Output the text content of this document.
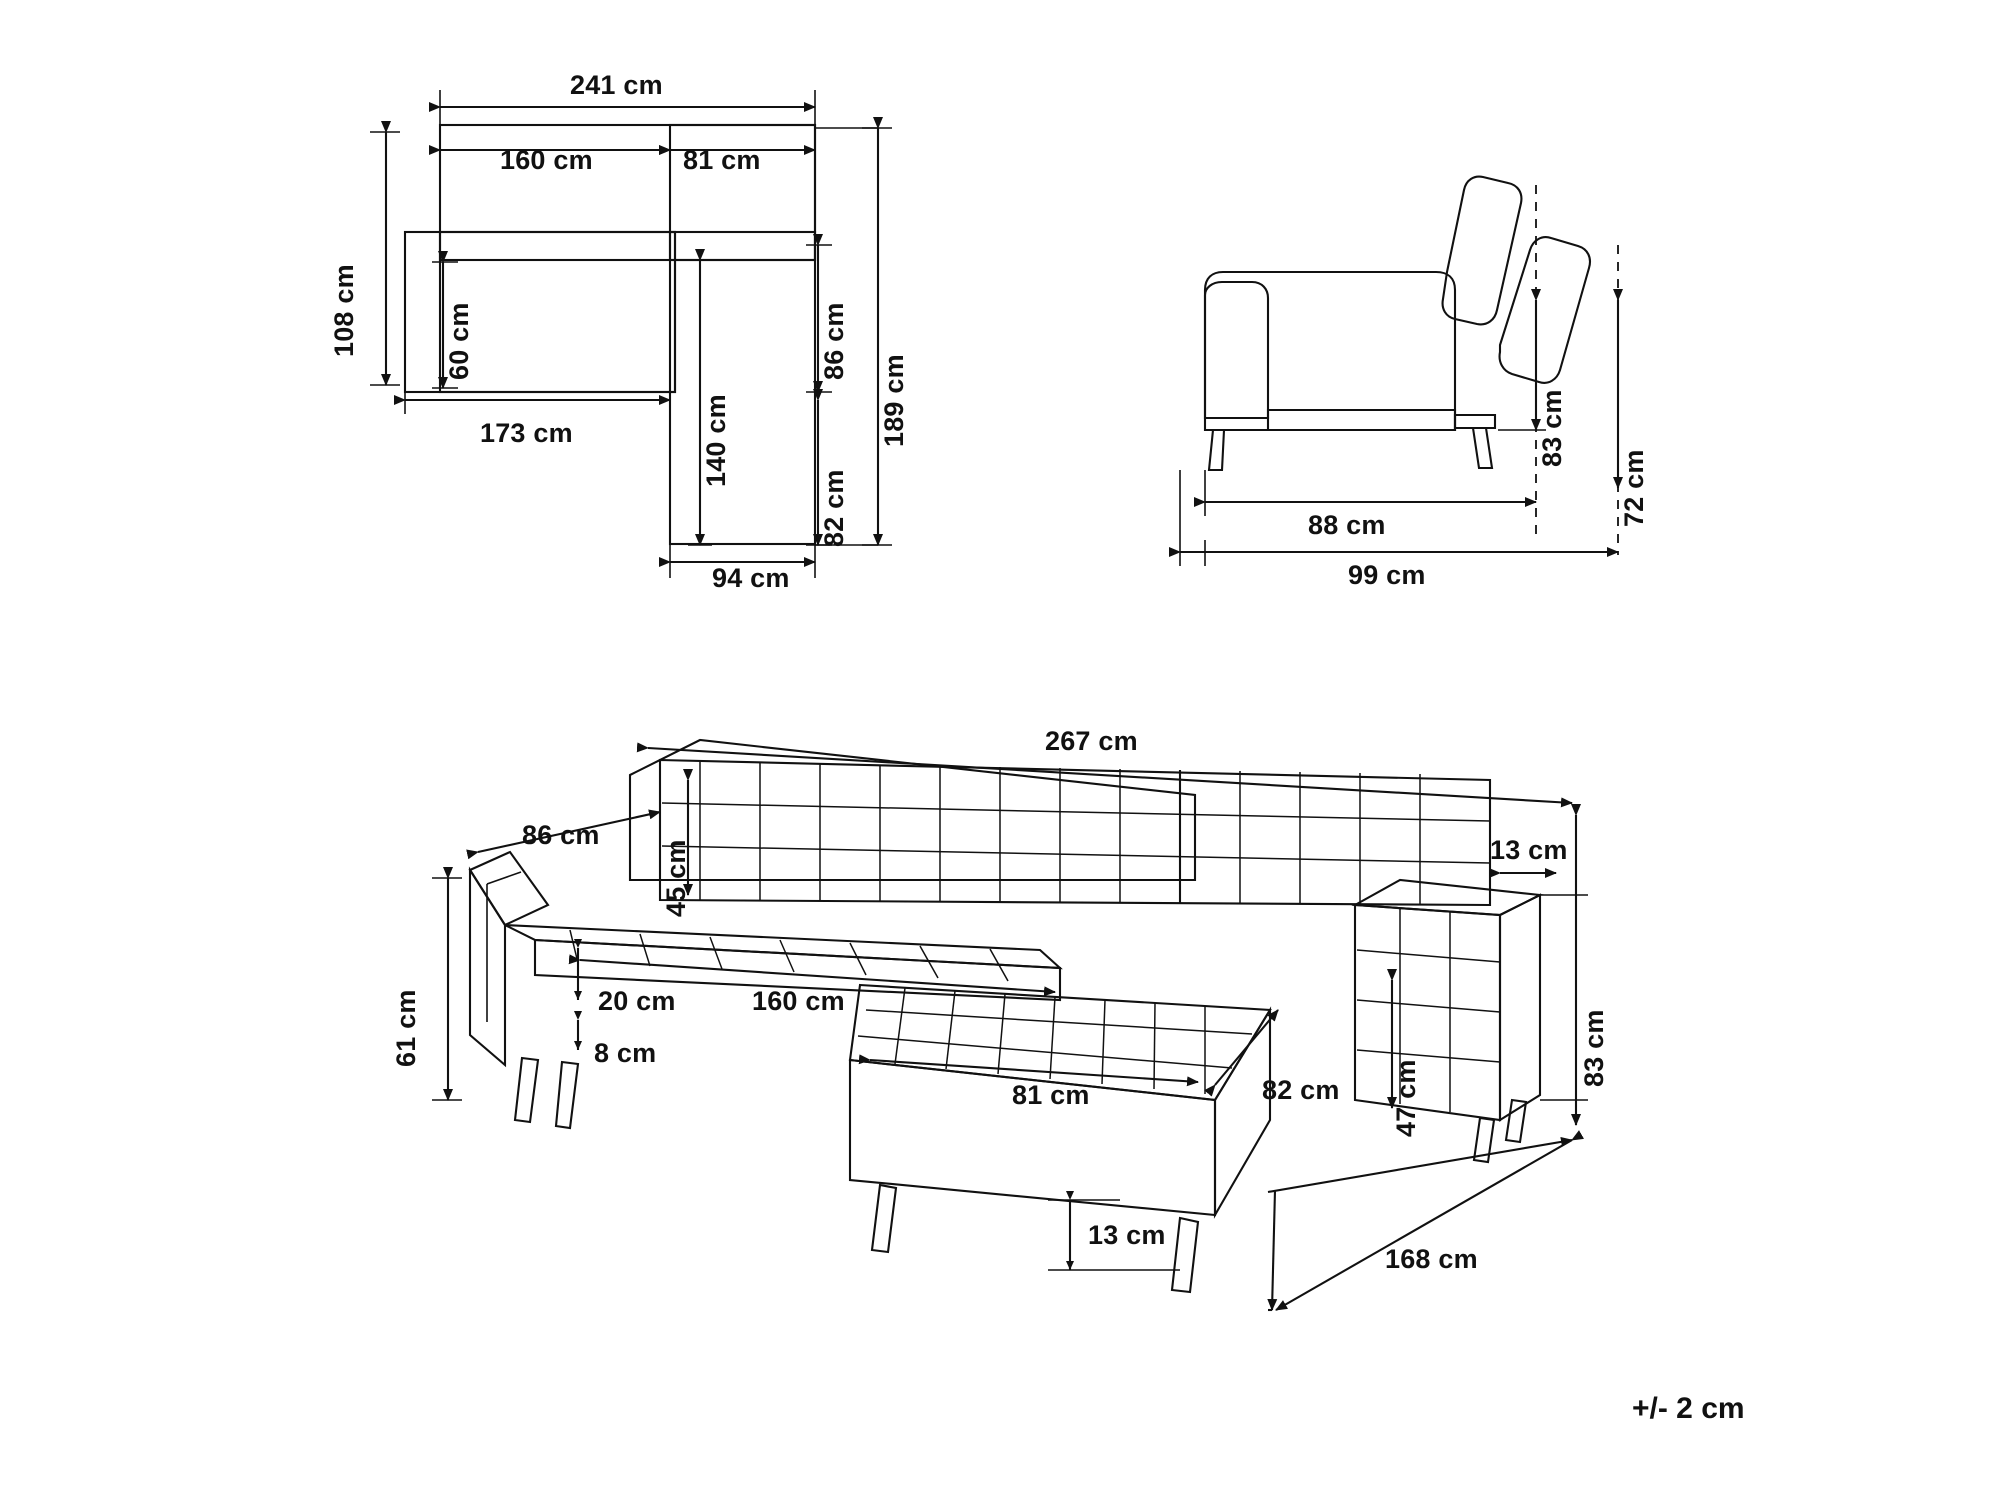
241 cm
160 cm	81 cm
108 cm	60 cm	86 cm
189 cm
173 cm	140 cm
82 cm
94 cm
83 cm
72 cm
88 cm
99 cm
267 cm
86 cm
45 cm	13 cm
61 cm	20 cm	160 cm
8 cm
81 cm	82 cm 47 cm
83 cm
13 cm
168 cm
+/- 2 cm
